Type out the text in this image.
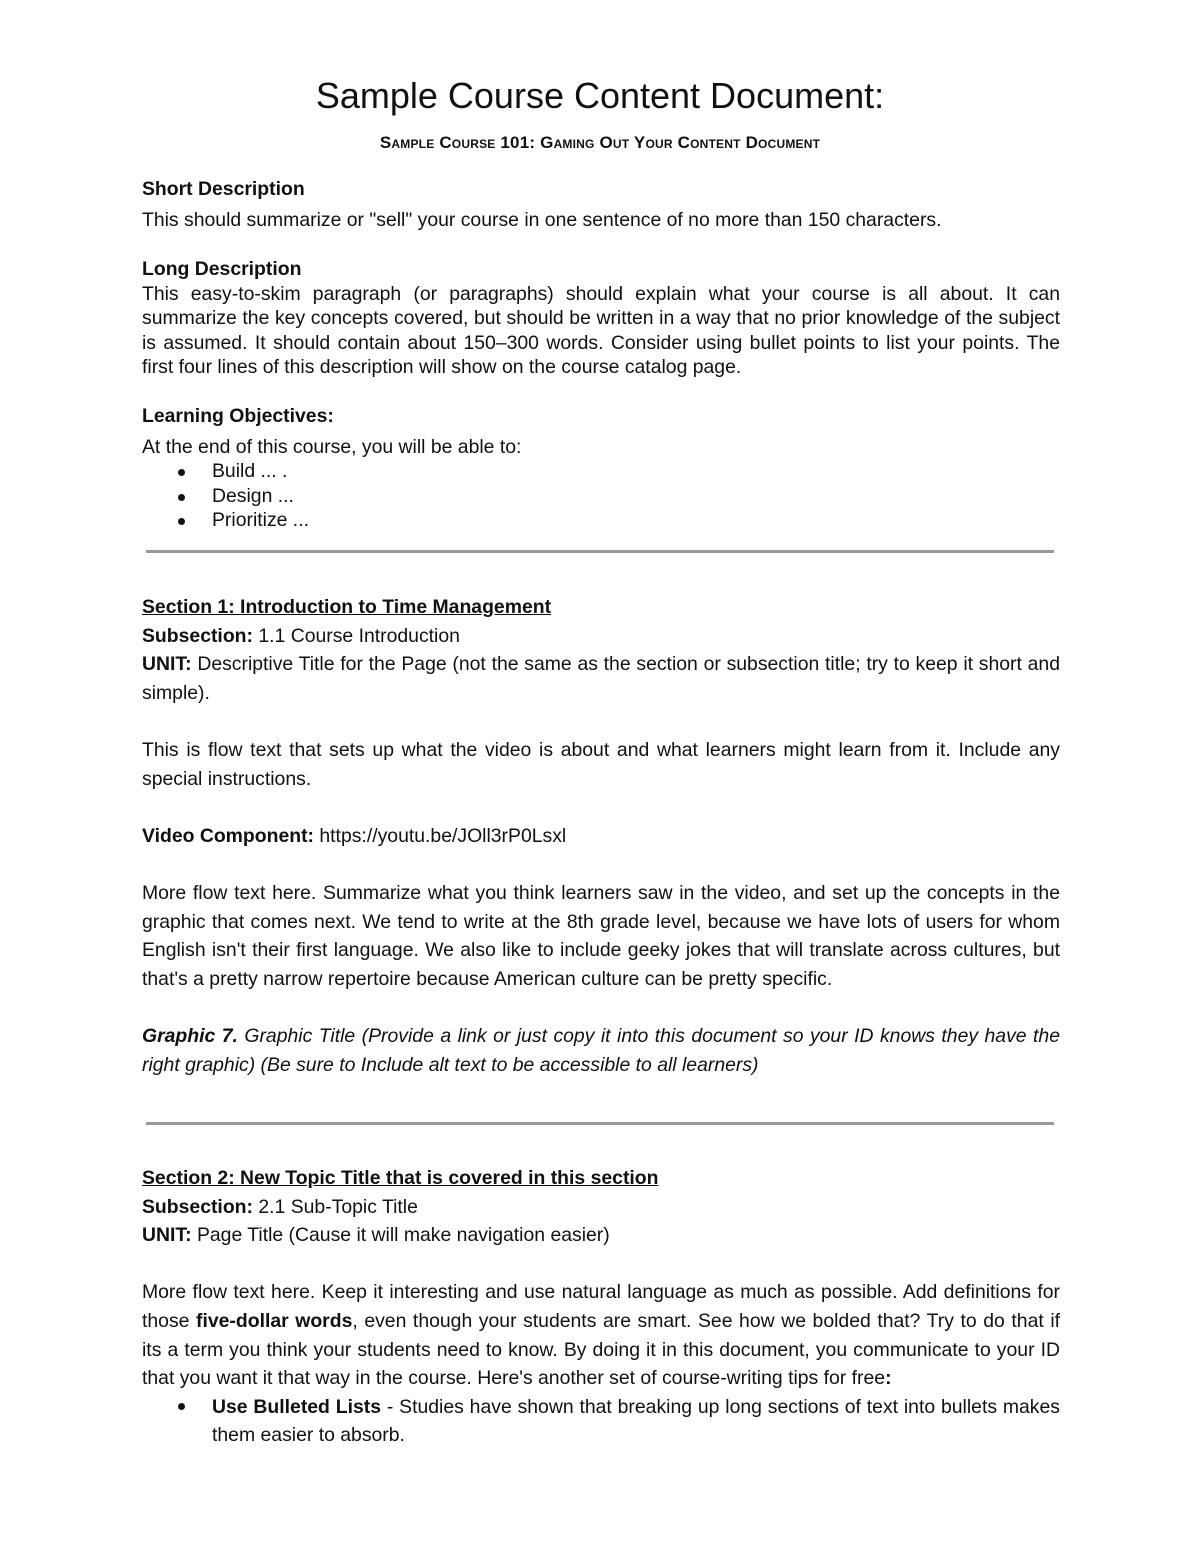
Sample Course Content Document:
Sample Course 101: Gaming Out Your Content Document

Short Description

This should summarize or "sell" your course in one sentence of no more than 150 characters.

Long Description

This easy-to-skim paragraph (or paragraphs) should explain what your course is all about. It can summarize the key concepts covered, but should be written in a way that no prior knowledge of the subject is assumed. It should contain about 150–300 words. Consider using bullet points to list your points. The first four lines of this description will show on the course catalog page.

Learning Objectives:

At the end of this course, you will be able to:

Build ... .
Design ...
Prioritize ...

Section 1: Introduction to Time Management

Subsection: 1.1 Course Introduction

UNIT: Descriptive Title for the Page (not the same as the section or subsection title; try to keep it short and simple).

This is flow text that sets up what the video is about and what learners might learn from it. Include any special instructions.

Video Component: https://youtu.be/JOll3rP0Lsxl

More flow text here. Summarize what you think learners saw in the video, and set up the concepts in the graphic that comes next. We tend to write at the 8th grade level, because we have lots of users for whom English isn't their first language. We also like to include geeky jokes that will translate across cultures, but that's a pretty narrow repertoire because American culture can be pretty specific.

Graphic 7. Graphic Title (Provide a link or just copy it into this document so your ID knows they have the right graphic) (Be sure to Include alt text to be accessible to all learners)

Section 2: New Topic Title that is covered in this section

Subsection: 2.1 Sub-Topic Title

UNIT: Page Title (Cause it will make navigation easier)

More flow text here. Keep it interesting and use natural language as much as possible. Add definitions for those five-dollar words, even though your students are smart. See how we bolded that? Try to do that if its a term you think your students need to know. By doing it in this document, you communicate to your ID that you want it that way in the course. Here's another set of course-writing tips for free:

Use Bulleted Lists - Studies have shown that breaking up long sections of text into bullets makes them easier to absorb.
